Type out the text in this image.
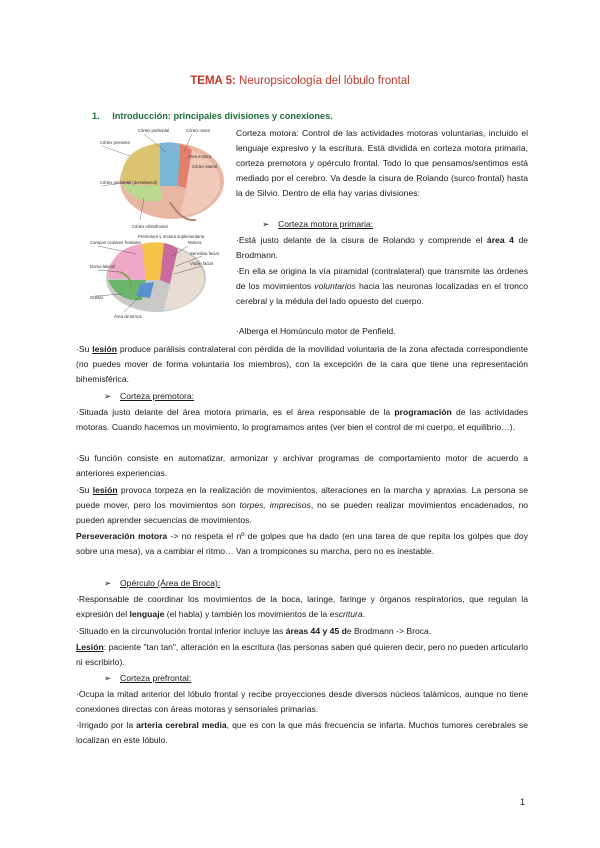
TEMA 5: Neuropsicología del lóbulo frontal
1. Introducción: principales divisiones y conexiones.
Córtex premotor
Córtex prefrontal	Córtex motor
Córtex orbitofrontal
Córtex prefrontal (dorsolateral)
Área motora
Córtex lateral
Premotora y motora suplementaria
Campos oculares frontales	Motora
Sensitiva facial
Visión facial
Dorso-lateral
Orbital
Área de Broca
Corteza motora: Control de las actividades motoras voluntarias, incluido el lenguaje expresivo y la escritura. Está dividida en corteza motora primaria, corteza premotora y opérculo frontal. Todo lo que pensamos/sentimos está mediado por el cerebro. Va desde la cisura de Rolando (surco frontal) hasta la de Silvio. Dentro de ella hay varias divisiones:
➢ Corteza motora primaria:
·Está justo delante de la cisura de Rolando y comprende el área 4 de Brodmann.
·En ella se origina la vía piramidal (contralateral) que transmite las órdenes de los movimientos voluntarios hacia las neuronas localizadas en el tronco cerebral y la médula del lado opuesto del cuerpo.
·Alberga el Homúnculo motor de Penfield.
·Su lesión produce parálisis contralateral con pérdida de la movilidad voluntaria de la zona afectada correspondiente (no puedes mover de forma voluntaria los miembros), con la excepción de la cara que tiene una representación bihemisférica.
➢ Corteza premotora:
·Situada justo delante del área motora primaria, es el área responsable de la programación de las actividades motoras. Cuando hacemos un movimiento, lo programamos antes (ver bien el control de mi cuerpo, el equilibrio…).
·Su función consiste en automatizar, armonizar y archivar programas de comportamiento motor de acuerdo a anteriores experiencias.
·Su lesión provoca torpeza en la realización de movimientos, alteraciones en la marcha y apraxias. La persona se puede mover, pero los movimientos son torpes, imprecisos, no se pueden realizar movimientos encadenados, no pueden aprender secuencias de movimientos.
Perseveración motora -> no respeta el nº de golpes que ha dado (en una tarea de que repita los golpes que doy sobre una mesa), va a cambiar el ritmo… Van a trompicones su marcha, pero no es inestable.
➢ Opérculo (Área de Broca):
·Responsable de coordinar los movimientos de la boca, laringe, faringe y órganos respiratorios, que regulan la expresión del lenguaje (el habla) y también los movimientos de la escritura.
·Situado en la circunvolución frontal inferior incluye las áreas 44 y 45 de Brodmann -> Broca.
Lesión: paciente "tan tan", alteración en la escritura (las personas saben qué quieren decir, pero no pueden articularlo ni escribirlo).
➢ Corteza prefrontal:
·Ocupa la mitad anterior del lóbulo frontal y recibe proyecciones desde diversos núcleos talámicos, aunque no tiene conexiones directas con áreas motoras y sensoriales primarias.
·Irrigado por la arteria cerebral media, que es con la que más frecuencia se infarta. Muchos tumores cerebrales se localizan en este lóbulo.
1
